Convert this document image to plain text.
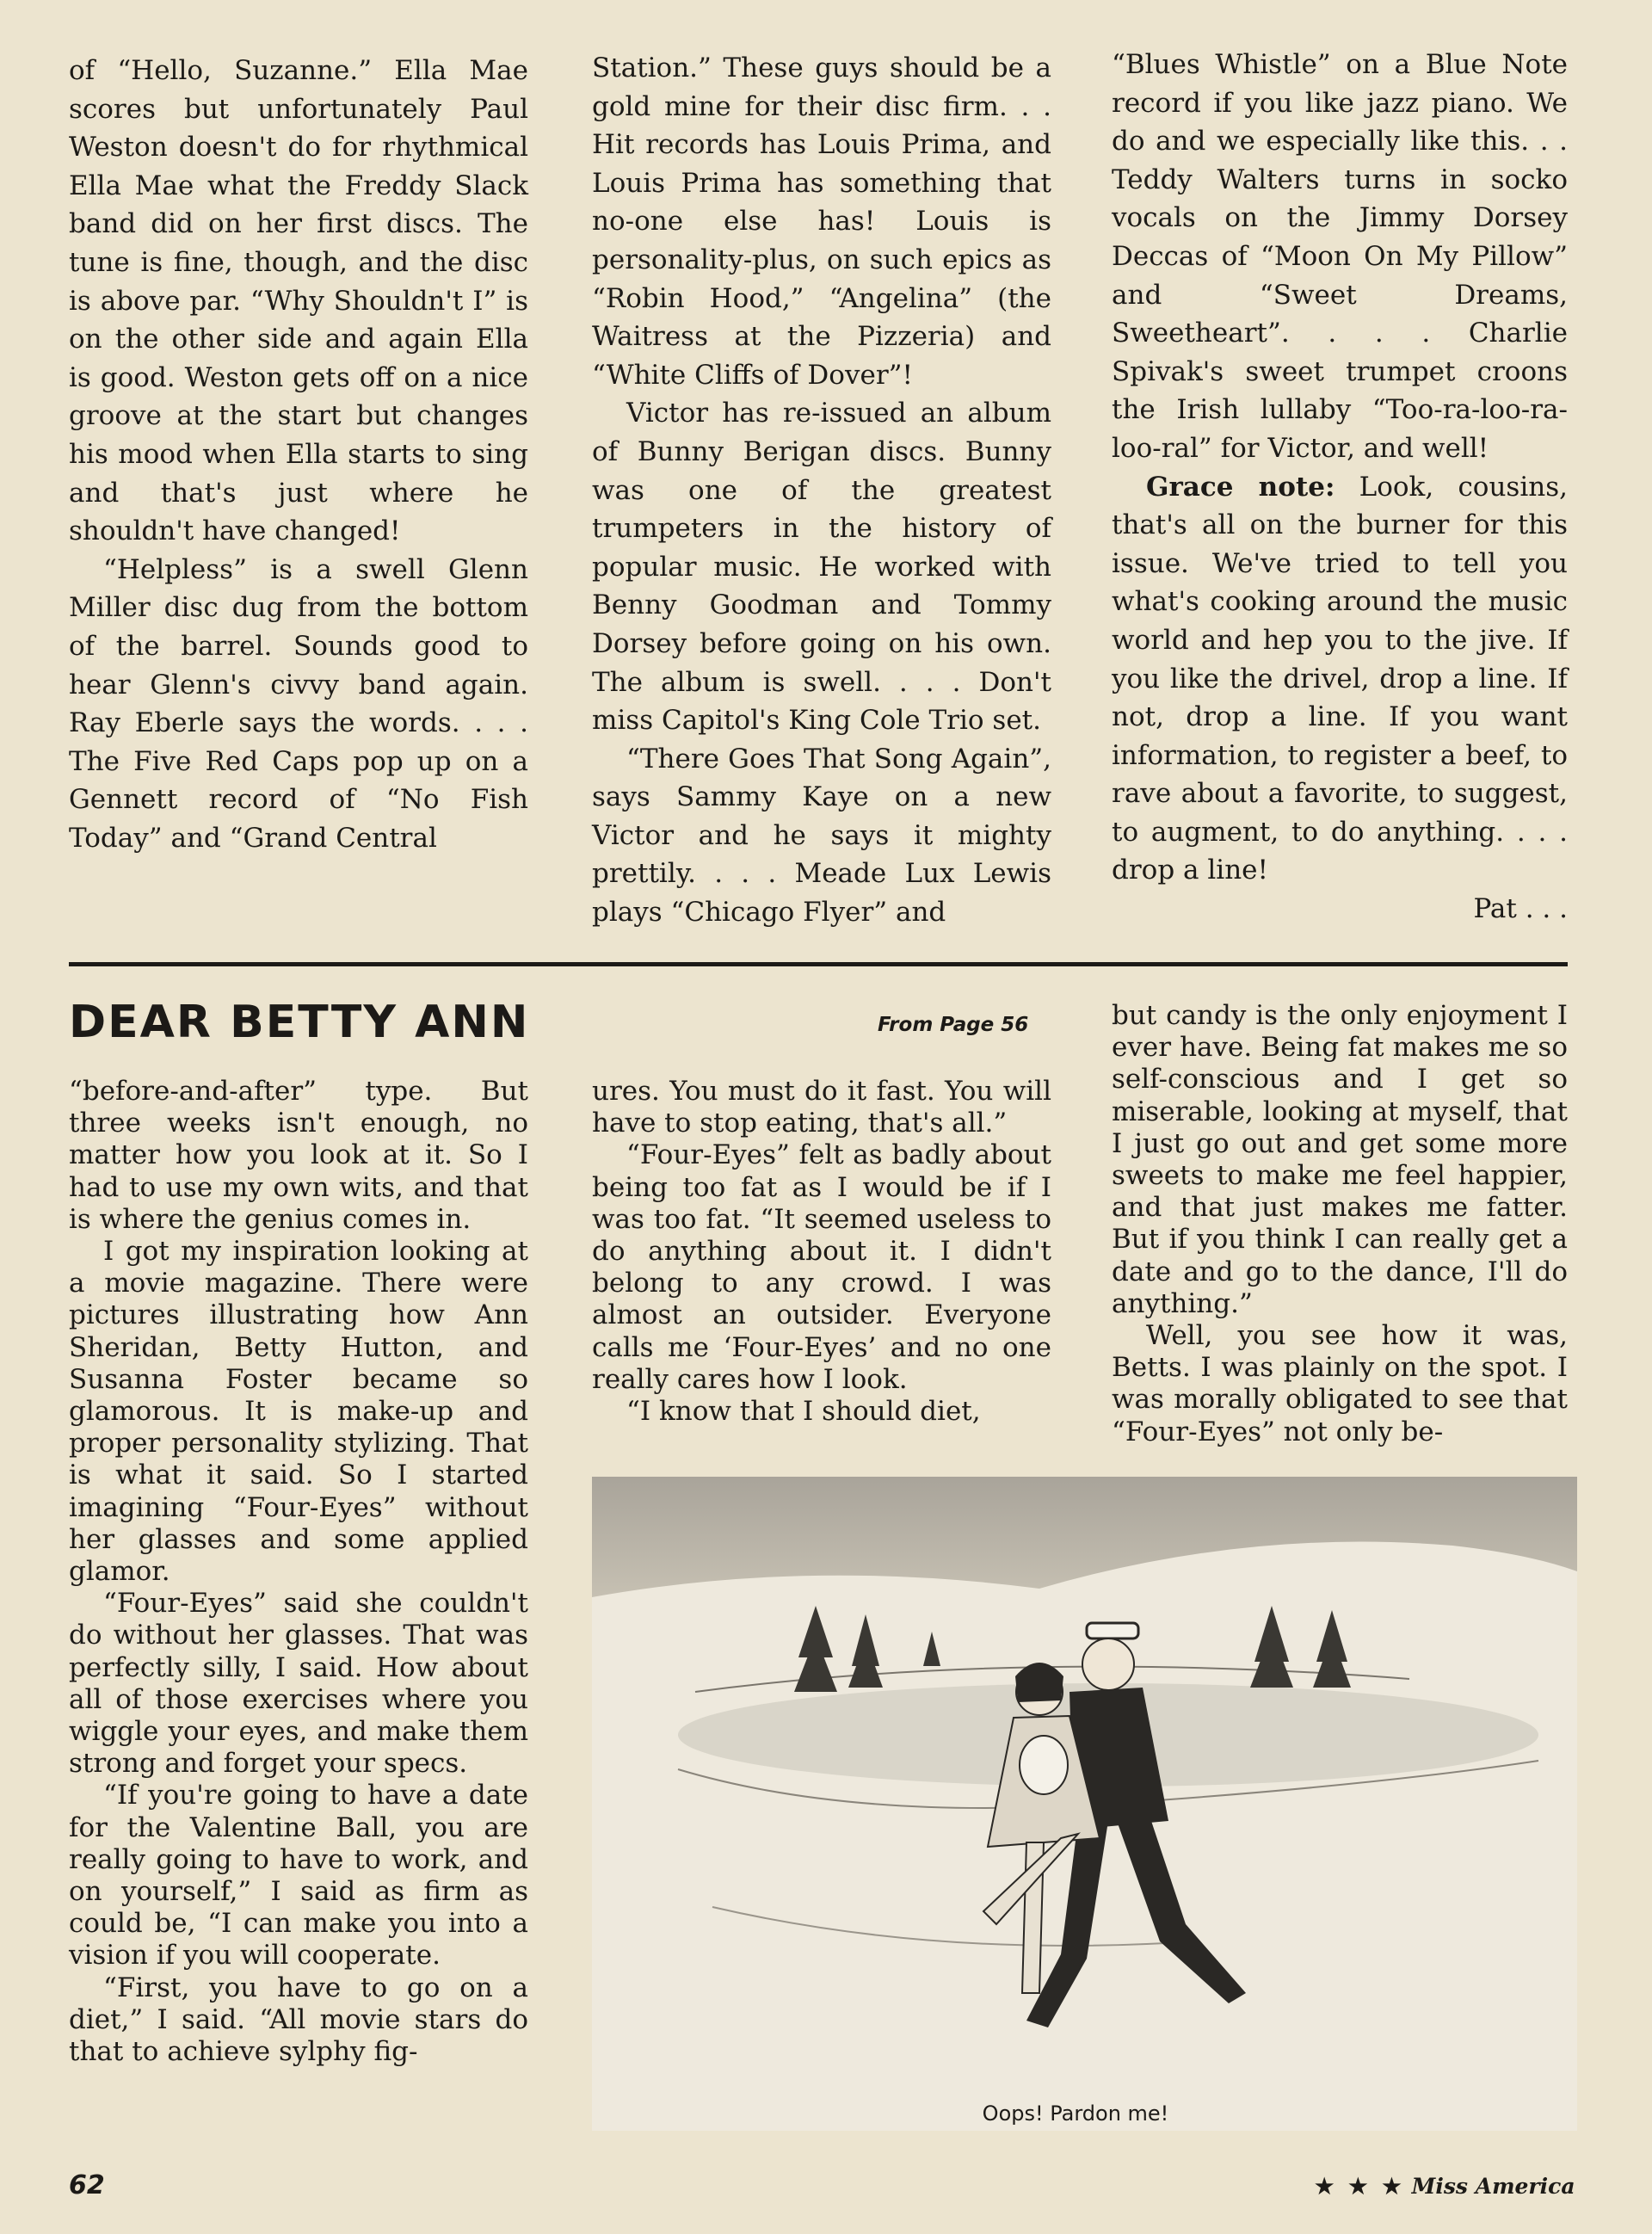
of “Hello, Suzanne.” Ella Mae scores but unfortunately Paul Weston doesn't do for rhythmical Ella Mae what the Freddy Slack band did on her first discs. The tune is fine, though, and the disc is above par. “Why Shouldn't I” is on the other side and again Ella is good. Weston gets off on a nice groove at the start but changes his mood when Ella starts to sing and that's just where he shouldn't have changed!

“Helpless” is a swell Glenn Miller disc dug from the bottom of the barrel. Sounds good to hear Glenn's civvy band again. Ray Eberle says the words. . . . The Five Red Caps pop up on a Gennett record of “No Fish Today” and “Grand Central

Station.” These guys should be a gold mine for their disc firm. . . Hit records has Louis Prima, and Louis Prima has something that no-one else has! Louis is personality-plus, on such epics as “Robin Hood,” “Angelina” (the Waitress at the Pizzeria) and “White Cliffs of Dover”!

Victor has re-issued an album of Bunny Berigan discs. Bunny was one of the greatest trumpeters in the history of popular music. He worked with Benny Goodman and Tommy Dorsey before going on his own. The album is swell. . . . Don't miss Capitol's King Cole Trio set.

“There Goes That Song Again”, says Sammy Kaye on a new Victor and he says it mighty prettily. . . . Meade Lux Lewis plays “Chicago Flyer” and

“Blues Whistle” on a Blue Note record if you like jazz piano. We do and we especially like this. . . Teddy Walters turns in socko vocals on the Jimmy Dorsey Deccas of “Moon On My Pillow” and “Sweet Dreams, Sweetheart”. . . . Charlie Spivak's sweet trumpet croons the Irish lullaby “Too-ra-loo-ra-loo-ral” for Victor, and well!

Grace note: Look, cousins, that's all on the burner for this issue. We've tried to tell you what's cooking around the music world and hep you to the jive. If you like the drivel, drop a line. If not, drop a line. If you want information, to register a beef, to rave about a favorite, to suggest, to augment, to do anything. . . . drop a line!

Pat . . .
DEAR BETTY ANN	From Page 56

“before-and-after” type. But three weeks isn't enough, no matter how you look at it. So I had to use my own wits, and that is where the genius comes in.

I got my inspiration looking at a movie magazine. There were pictures illustrating how Ann Sheridan, Betty Hutton, and Susanna Foster became so glamorous. It is make-up and proper personality stylizing. That is what it said. So I started imagining “Four-Eyes” without her glasses and some applied glamor.

“Four-Eyes” said she couldn't do without her glasses. That was perfectly silly, I said. How about all of those exercises where you wiggle your eyes, and make them strong and forget your specs.

“If you're going to have a date for the Valentine Ball, you are really going to have to work, and on yourself,” I said as firm as could be, “I can make you into a vision if you will cooperate.

“First, you have to go on a diet,” I said. “All movie stars do that to achieve sylphy fig-

ures. You must do it fast. You will have to stop eating, that's all.”

“Four-Eyes” felt as badly about being too fat as I would be if I was too fat. “It seemed useless to do anything about it. I didn't belong to any crowd. I was almost an outsider. Everyone calls me ‘Four-Eyes’ and no one really cares how I look.

“I know that I should diet,

but candy is the only enjoyment I ever have. Being fat makes me so self-conscious and I get so miserable, looking at myself, that I just go out and get some more sweets to make me feel happier, and that just makes me fatter. But if you think I can really get a date and go to the dance, I'll do anything.”

Well, you see how it was, Betts. I was plainly on the spot. I was morally obligated to see that “Four-Eyes” not only be-

Oops! Pardon me!
62	★ ★ ★ Miss America
